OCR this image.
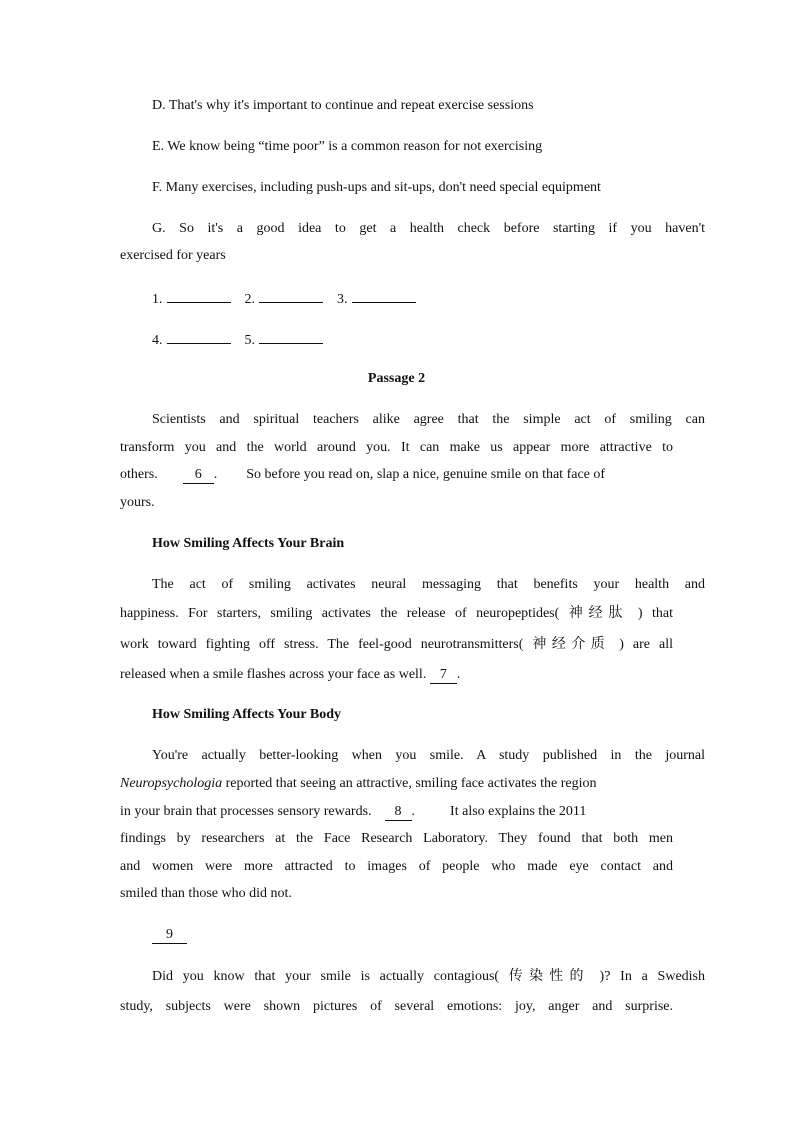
D. That's why it's important to continue and repeat exercise sessions
E. We know being “time poor” is a common reason for not exercising
F. Many exercises, including push-ups and sit-ups, don't need special equipment
G. So it's a good idea to get a health check before starting if you haven't
exercised for years
1.	2.	3.
4.	5.
Passage 2
Scientists and spiritual teachers alike agree that the simple act of smiling can
transform you and the world around you. It can make us appear more attractive to
others.	6 . So before you read on, slap a nice, genuine smile on that face of
yours.
How Smiling Affects Your Brain
The act of smiling activates neural messaging that benefits your health and
happiness. For starters, smiling activates the release of neuropeptides( 神经肽 ) that
work toward fighting off stress. The feel-good neurotransmitters( 神经介质 ) are all
released when a smile flashes across your face as well. 7 .
How Smiling Affects Your Body
You're actually better-looking when you smile. A study published in the journal
Neuropsychologia reported that seeing an attractive, smiling face activates the region
in your brain that processes sensory rewards. 8 .	It also explains the 2011
findings by researchers at the Face Research Laboratory. They found that both men
and women were more attracted to images of people who made eye contact and
smiled than those who did not.
9
Did you know that your smile is actually contagious( 传染性的 )? In a Swedish
study, subjects were shown pictures of several emotions: joy, anger and surprise.
